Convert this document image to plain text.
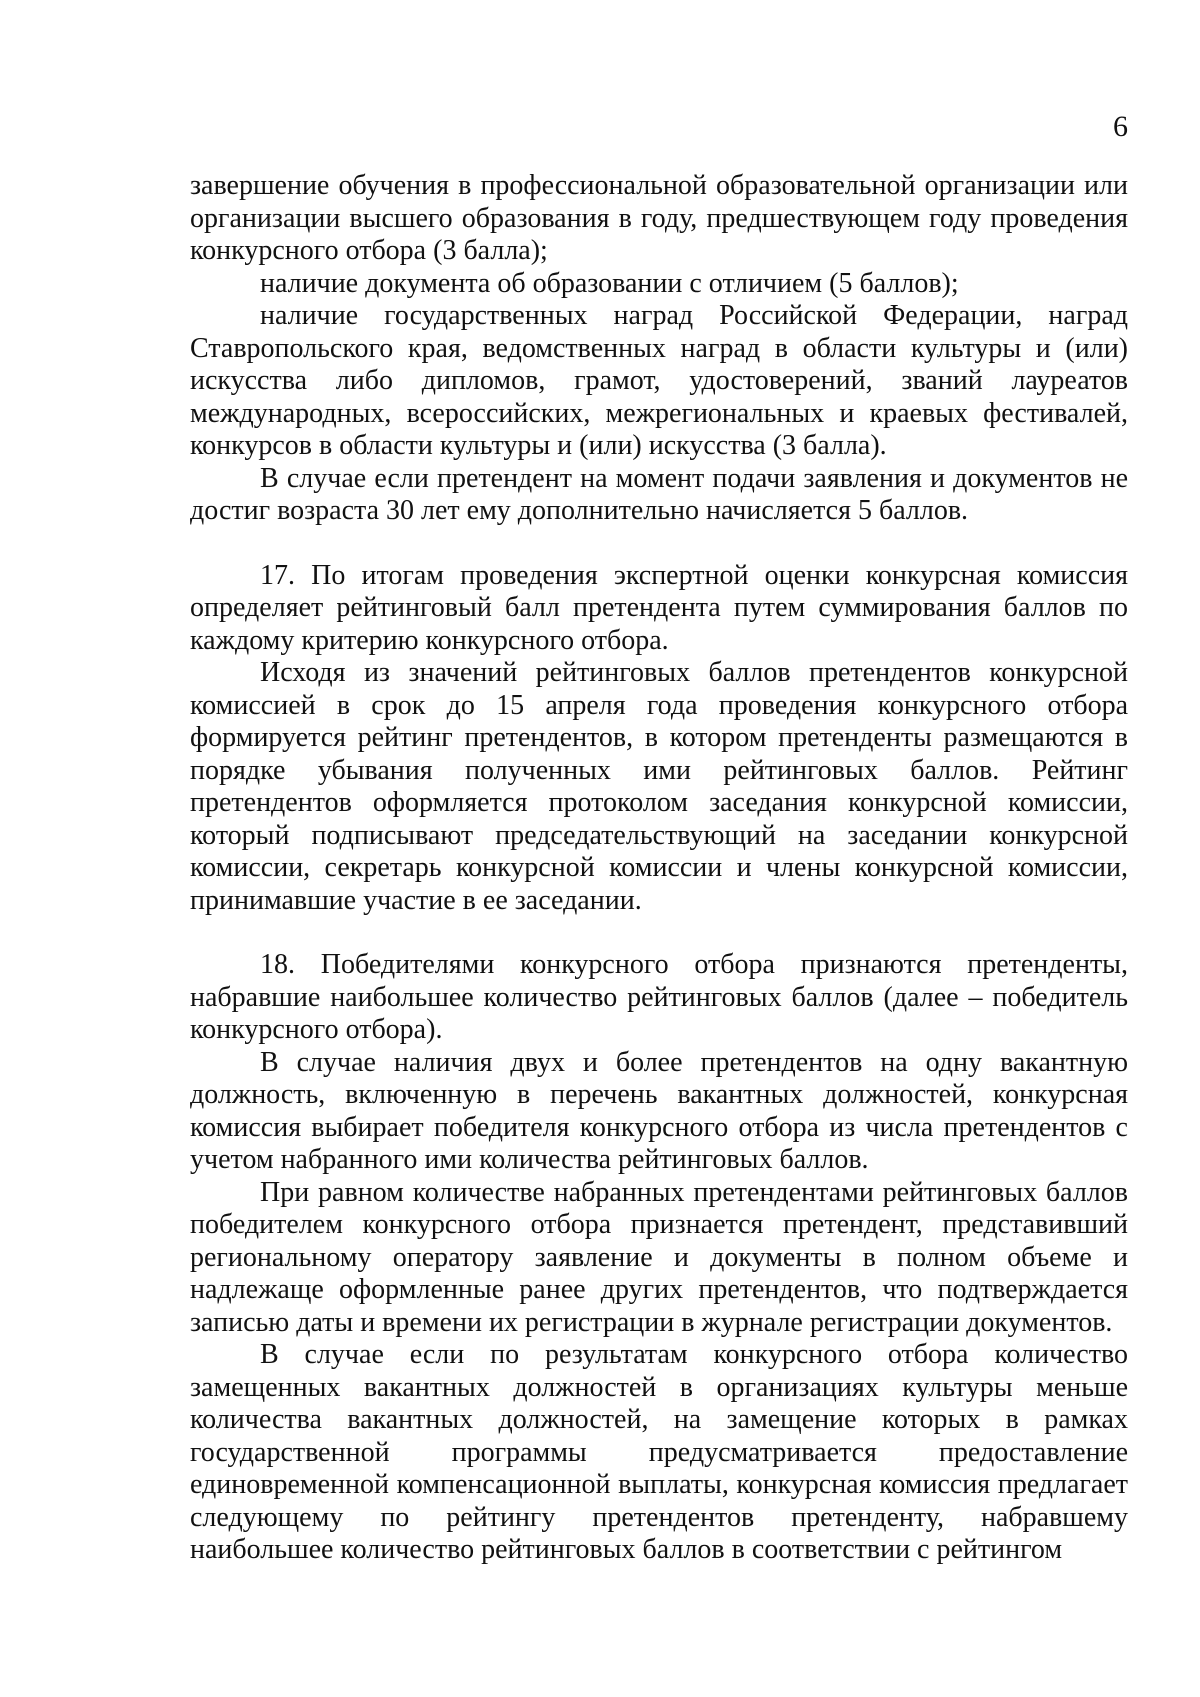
6

завершение обучения в профессиональной образовательной организации или организации высшего образования в году, предшествующем году проведения конкурсного отбора (3 балла);

наличие документа об образовании с отличием (5 баллов);

наличие государственных наград Российской Федерации, наград Ставропольского края, ведомственных наград в области культуры и (или) искусства либо дипломов, грамот, удостоверений, званий лауреатов международных, всероссийских, межрегиональных и краевых фестивалей, конкурсов в области культуры и (или) искусства (3 балла).

В случае если претендент на момент подачи заявления и документов не достиг возраста 30 лет ему дополнительно начисляется 5 баллов.

17. По итогам проведения экспертной оценки конкурсная комиссия определяет рейтинговый балл претендента путем суммирования баллов по каждому критерию конкурсного отбора.

Исходя из значений рейтинговых баллов претендентов конкурсной комиссией в срок до 15 апреля года проведения конкурсного отбора формируется рейтинг претендентов, в котором претенденты размещаются в порядке убывания полученных ими рейтинговых баллов. Рейтинг претендентов оформляется протоколом заседания конкурсной комиссии, который подписывают председательствующий на заседании конкурсной комиссии, секретарь конкурсной комиссии и члены конкурсной комиссии, принимавшие участие в ее заседании.

18. Победителями конкурсного отбора признаются претенденты, набравшие наибольшее количество рейтинговых баллов (далее – победитель конкурсного отбора).

В случае наличия двух и более претендентов на одну вакантную должность, включенную в перечень вакантных должностей, конкурсная комиссия выбирает победителя конкурсного отбора из числа претендентов с учетом набранного ими количества рейтинговых баллов.

При равном количестве набранных претендентами рейтинговых баллов победителем конкурсного отбора признается претендент, представивший региональному оператору заявление и документы в полном объеме и надлежаще оформленные ранее других претендентов, что подтверждается записью даты и времени их регистрации в журнале регистрации документов.

В случае если по результатам конкурсного отбора количество замещенных вакантных должностей в организациях культуры меньше количества вакантных должностей, на замещение которых в рамках государственной программы предусматривается предоставление единовременной компенсационной выплаты, конкурсная комиссия предлагает следующему по рейтингу претендентов претенденту, набравшему наибольшее количество рейтинговых баллов в соответствии с рейтингом
